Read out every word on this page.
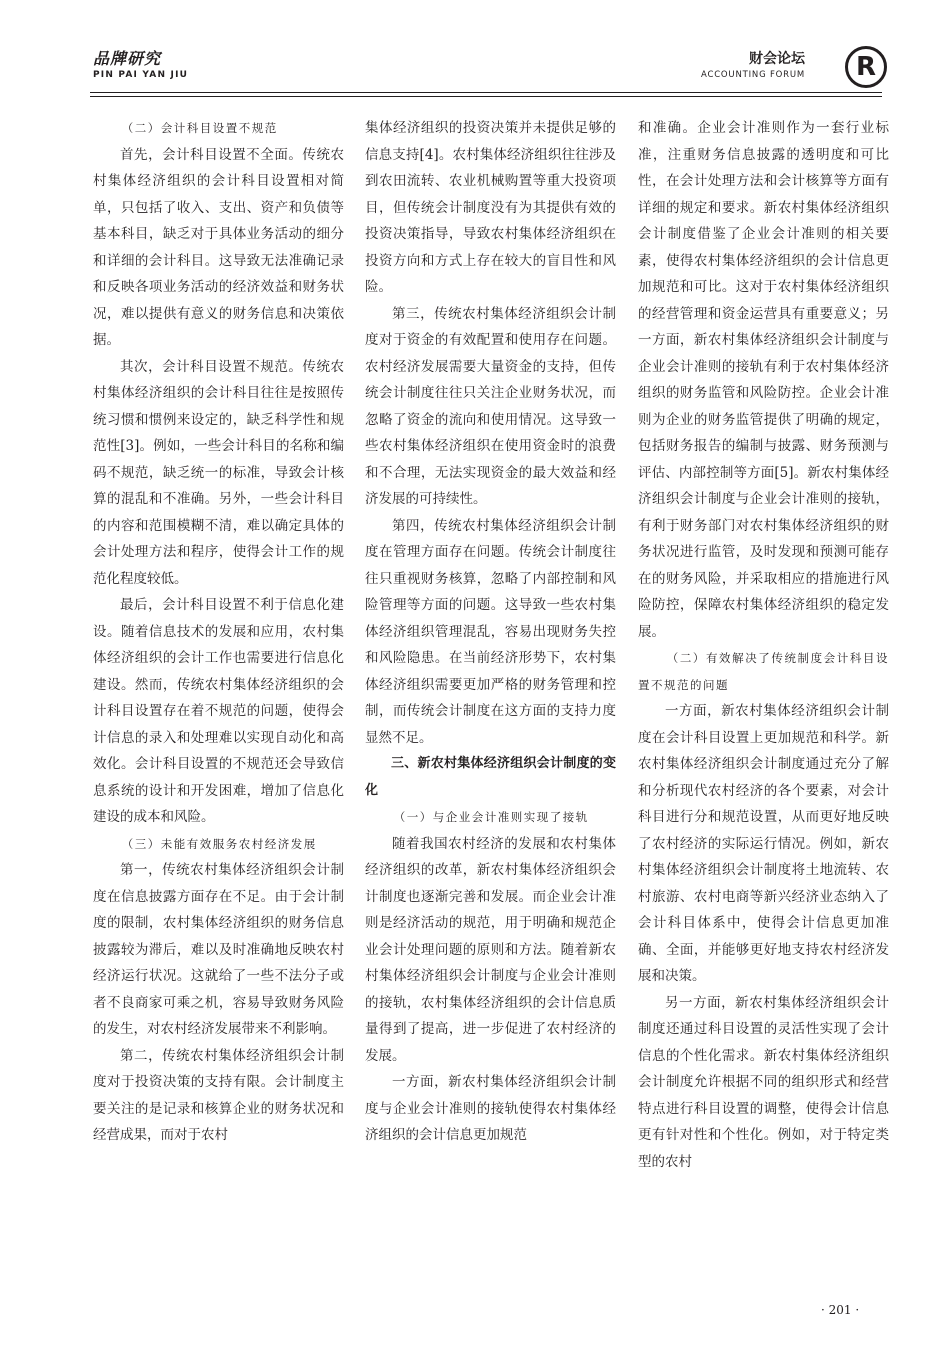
品牌研究
PIN PAI YAN JIU
财会论坛
ACCOUNTING FORUM	R

（二）会计科目设置不规范

首先，会计科目设置不全面。传统农村集体经济组织的会计科目设置相对简单，只包括了收入、支出、资产和负债等基本科目，缺乏对于具体业务活动的细分和详细的会计科目。这导致无法准确记录和反映各项业务活动的经济效益和财务状况，难以提供有意义的财务信息和决策依据。

其次，会计科目设置不规范。传统农村集体经济组织的会计科目往往是按照传统习惯和惯例来设定的，缺乏科学性和规范性[3]。例如，一些会计科目的名称和编码不规范，缺乏统一的标准，导致会计核算的混乱和不准确。另外，一些会计科目的内容和范围模糊不清，难以确定具体的会计处理方法和程序，使得会计工作的规范化程度较低。

最后，会计科目设置不利于信息化建设。随着信息技术的发展和应用，农村集体经济组织的会计工作也需要进行信息化建设。然而，传统农村集体经济组织的会计科目设置存在着不规范的问题，使得会计信息的录入和处理难以实现自动化和高效化。会计科目设置的不规范还会导致信息系统的设计和开发困难，增加了信息化建设的成本和风险。

（三）未能有效服务农村经济发展

第一，传统农村集体经济组织会计制度在信息披露方面存在不足。由于会计制度的限制，农村集体经济组织的财务信息披露较为滞后，难以及时准确地反映农村经济运行状况。这就给了一些不法分子或者不良商家可乘之机，容易导致财务风险的发生，对农村经济发展带来不利影响。

第二，传统农村集体经济组织会计制度对于投资决策的支持有限。会计制度主要关注的是记录和核算企业的财务状况和经营成果，而对于农村

集体经济组织的投资决策并未提供足够的信息支持[4]。农村集体经济组织往往涉及到农田流转、农业机械购置等重大投资项目，但传统会计制度没有为其提供有效的投资决策指导，导致农村集体经济组织在投资方向和方式上存在较大的盲目性和风险。

第三，传统农村集体经济组织会计制度对于资金的有效配置和使用存在问题。农村经济发展需要大量资金的支持，但传统会计制度往往只关注企业财务状况，而忽略了资金的流向和使用情况。这导致一些农村集体经济组织在使用资金时的浪费和不合理，无法实现资金的最大效益和经济发展的可持续性。

第四，传统农村集体经济组织会计制度在管理方面存在问题。传统会计制度往往只重视财务核算，忽略了内部控制和风险管理等方面的问题。这导致一些农村集体经济组织管理混乱，容易出现财务失控和风险隐患。在当前经济形势下，农村集体经济组织需要更加严格的财务管理和控制，而传统会计制度在这方面的支持力度显然不足。

三、新农村集体经济组织会计制度的变化

（一）与企业会计准则实现了接轨

随着我国农村经济的发展和农村集体经济组织的改革，新农村集体经济组织会计制度也逐渐完善和发展。而企业会计准则是经济活动的规范，用于明确和规范企业会计处理问题的原则和方法。随着新农村集体经济组织会计制度与企业会计准则的接轨，农村集体经济组织的会计信息质量得到了提高，进一步促进了农村经济的发展。

一方面，新农村集体经济组织会计制度与企业会计准则的接轨使得农村集体经济组织的会计信息更加规范

和准确。企业会计准则作为一套行业标准，注重财务信息披露的透明度和可比性，在会计处理方法和会计核算等方面有详细的规定和要求。新农村集体经济组织会计制度借鉴了企业会计准则的相关要素，使得农村集体经济组织的会计信息更加规范和可比。这对于农村集体经济组织的经营管理和资金运营具有重要意义；另一方面，新农村集体经济组织会计制度与企业会计准则的接轨有利于农村集体经济组织的财务监管和风险防控。企业会计准则为企业的财务监管提供了明确的规定，包括财务报告的编制与披露、财务预测与评估、内部控制等方面[5]。新农村集体经济组织会计制度与企业会计准则的接轨，有利于财务部门对农村集体经济组织的财务状况进行监管，及时发现和预测可能存在的财务风险，并采取相应的措施进行风险防控，保障农村集体经济组织的稳定发展。

（二）有效解决了传统制度会计科目设置不规范的问题

一方面，新农村集体经济组织会计制度在会计科目设置上更加规范和科学。新农村集体经济组织会计制度通过充分了解和分析现代农村经济的各个要素，对会计科目进行分和规范设置，从而更好地反映了农村经济的实际运行情况。例如，新农村集体经济组织会计制度将土地流转、农村旅游、农村电商等新兴经济业态纳入了会计科目体系中，使得会计信息更加准确、全面，并能够更好地支持农村经济发展和决策。

另一方面，新农村集体经济组织会计制度还通过科目设置的灵活性实现了会计信息的个性化需求。新农村集体经济组织会计制度允许根据不同的组织形式和经营特点进行科目设置的调整，使得会计信息更有针对性和个性化。例如，对于特定类型的农村

· 201 ·
